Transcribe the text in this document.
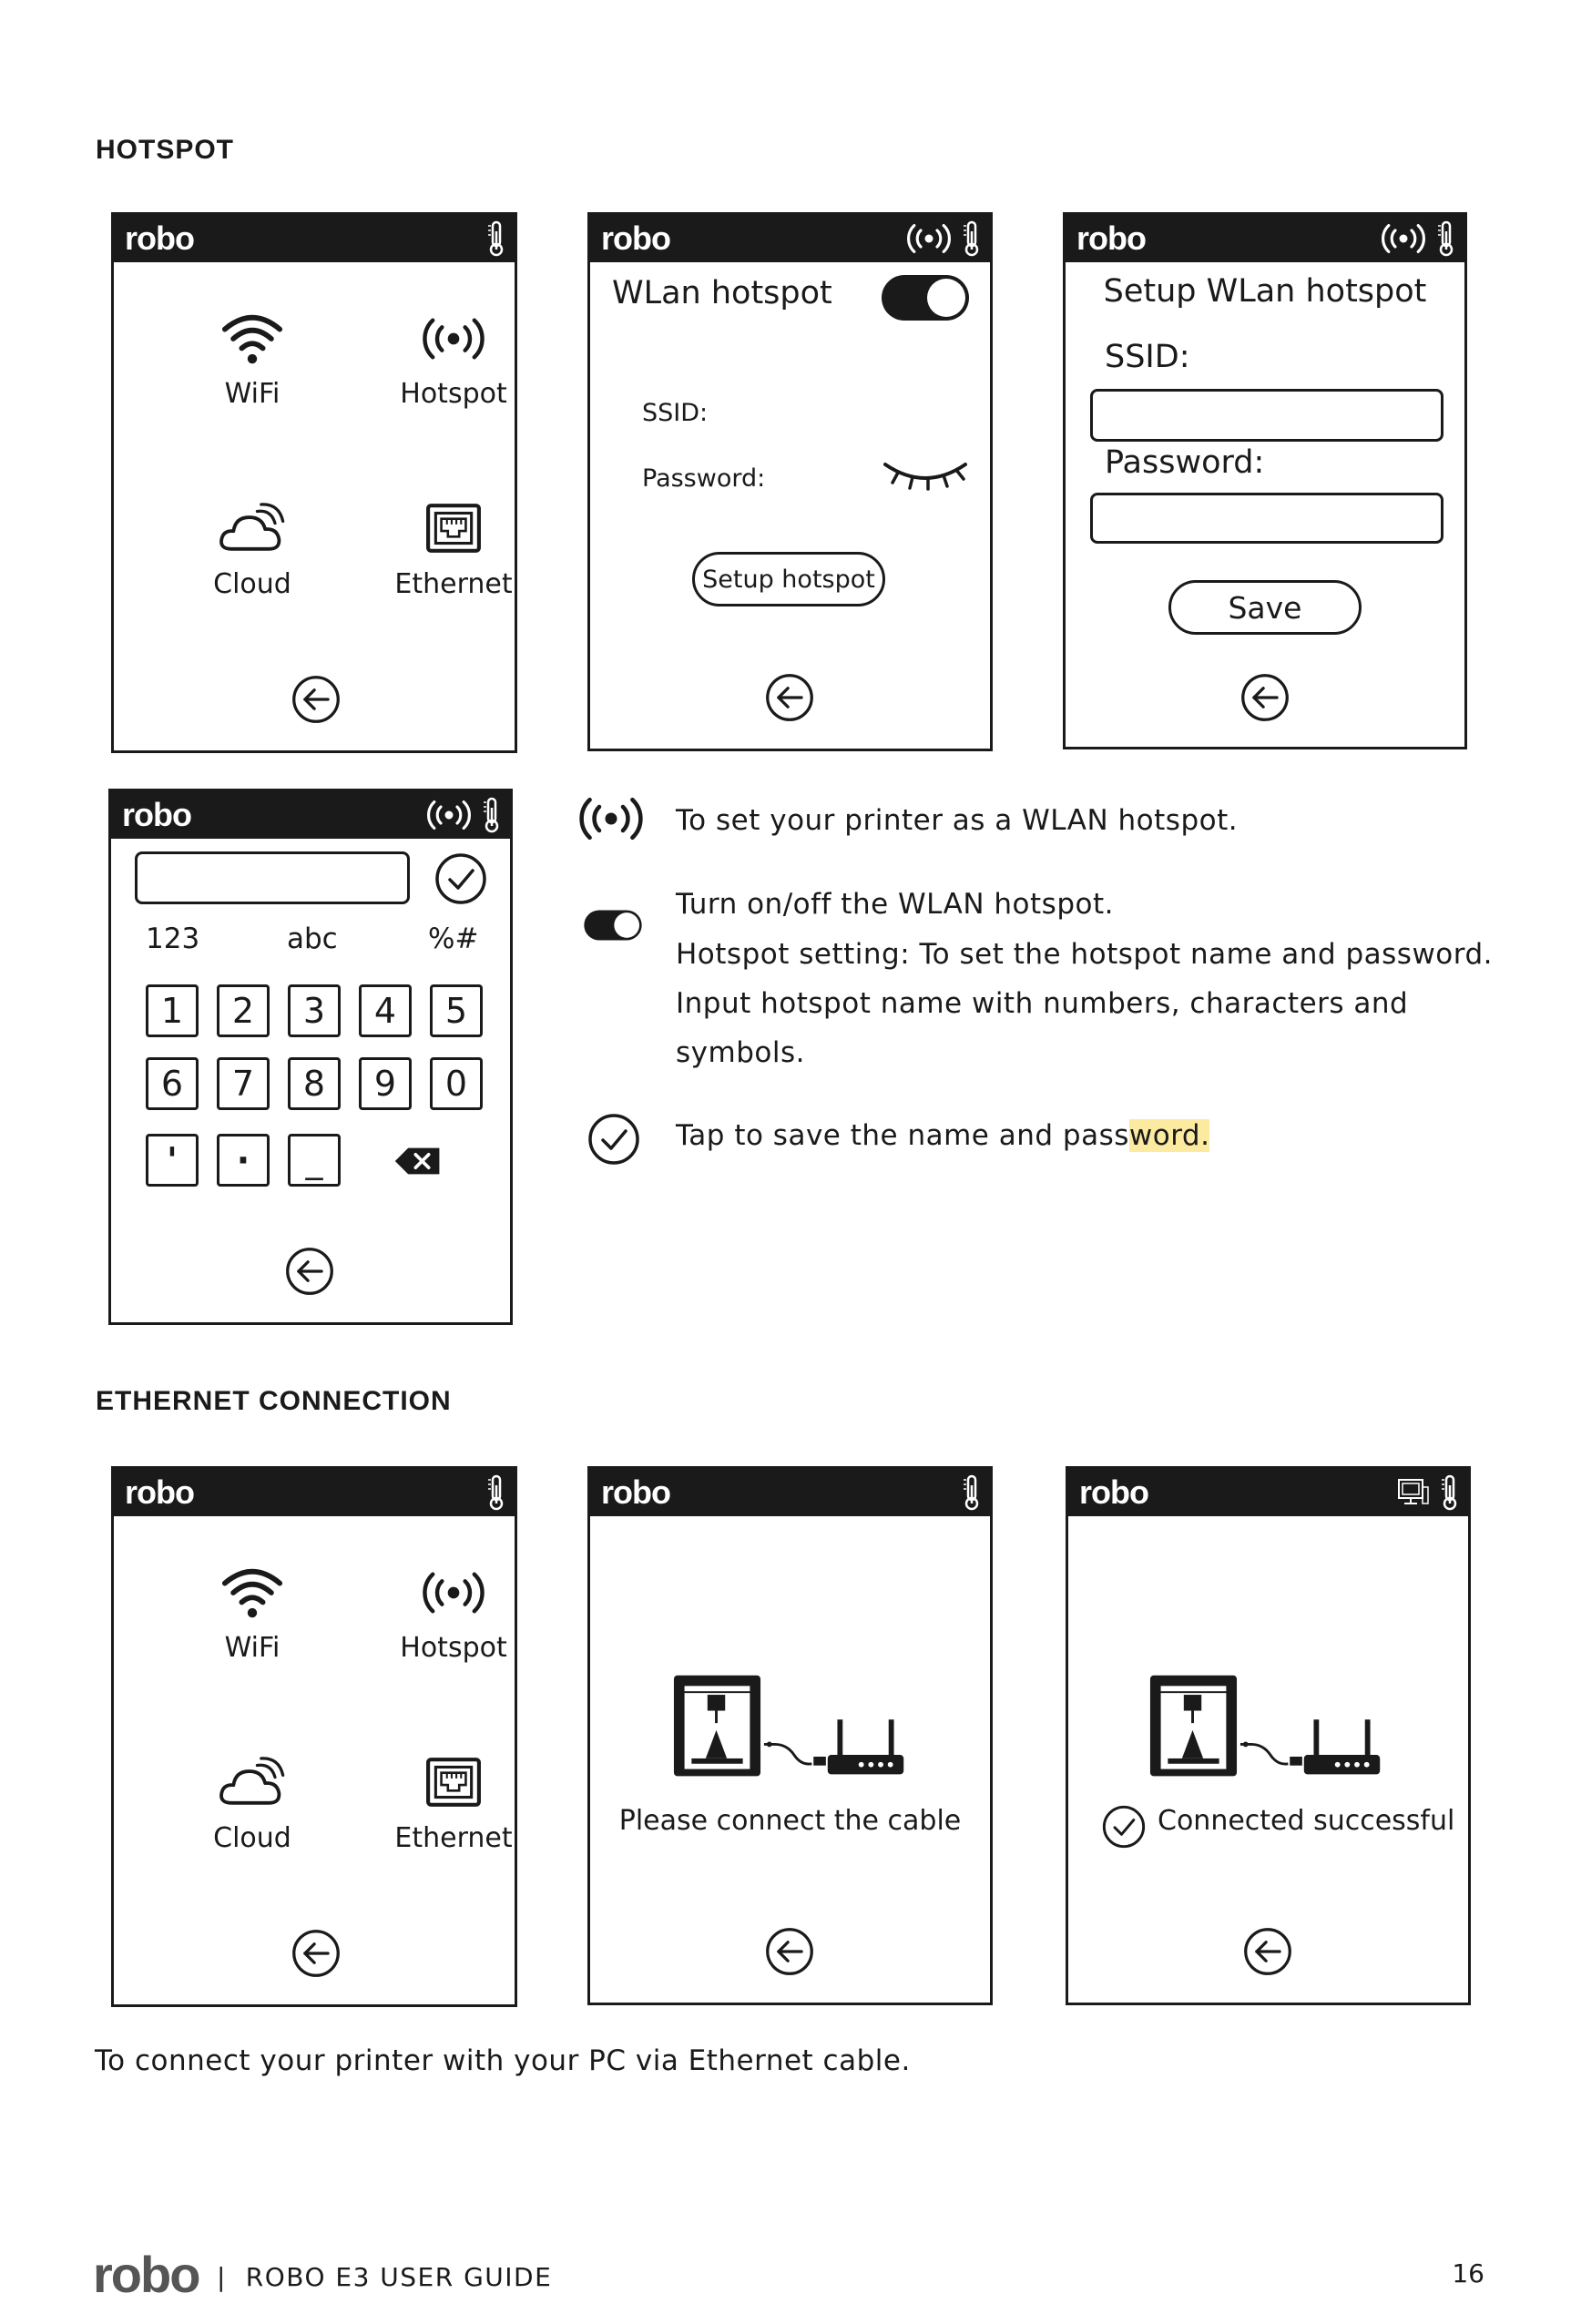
HOTSPOT
robo
WiFi	Hotspot
Cloud	Ethernet
robo
WLan hotspot
SSID:
Password:
Setup hotspot
robo
Setup WLan hotspot
SSID:
Password:
Save
robo
123	abc	%#
1	2	3	4	5
6	7	8	9	0
'	·	_
To set your printer as a WLAN hotspot.
Turn on/off the WLAN hotspot.
Hotspot setting: To set the hotspot name and password.
Input hotspot name with numbers, characters and
symbols.
Tap to save the name and password.
ETHERNET CONNECTION
robo
WiFi	Hotspot
Cloud	Ethernet
robo
Please connect the cable
robo
Connected successful
To connect your printer with your PC via Ethernet cable.
robo |  ROBO E3 USER GUIDE	16
